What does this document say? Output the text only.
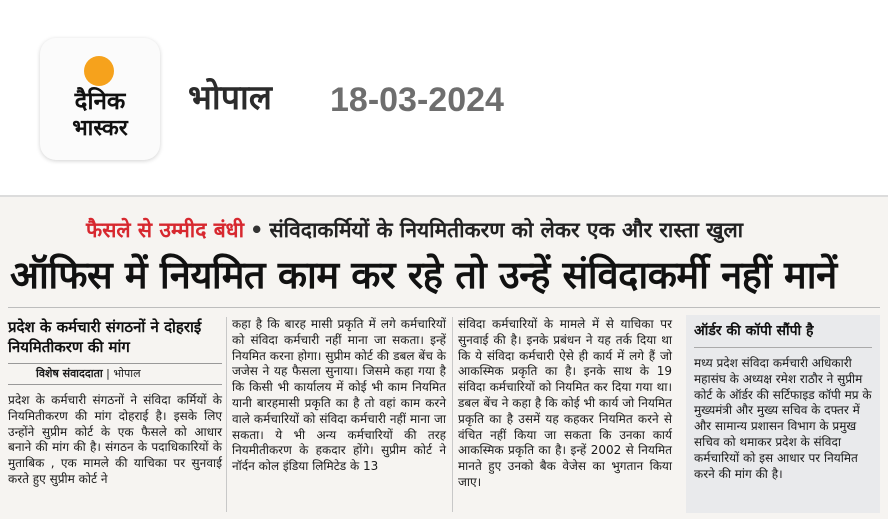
दैनिक
भास्कर
भोपाल 18-03-2024
फैसले से उम्मीद बंधी • संविदाकर्मियों के नियमितीकरण को लेकर एक और रास्ता खुला
ऑफिस में नियमित काम कर रहे तो उन्हें संविदाकर्मी नहीं मानें
प्रदेश के कर्मचारी संगठनों ने दोहराई नियमितीकरण की मांग
विशेष संवाददाता | भोपाल
प्रदेश के कर्मचारी संगठनों ने संविदा कर्मियों के नियमितीकरण की मांग दोहराई है। इसके लिए उन्होंने सुप्रीम कोर्ट के एक फैसले को आधार बनाने की मांग की है। संगठन के पदाधिकारियों के मुताबिक , एक मामले की याचिका पर सुनवाई करते हुए सुप्रीम कोर्ट ने
कहा है कि बारह मासी प्रकृति में लगे कर्मचारियों को संविदा कर्मचारी नहीं माना जा सकता। इन्हें नियमित करना होगा। सुप्रीम कोर्ट की डबल बेंच के जजेस ने यह फैसला सुनाया। जिसमे कहा गया है कि किसी भी कार्यालय में कोई भी काम नियमित यानी बारहमासी प्रकृति का है तो वहां काम करने वाले कर्मचारियों को संविदा कर्मचारी नहीं माना जा सकता। ये भी अन्य कर्मचारियों की तरह नियमीतीकरण के हकदार होंगे। सुप्रीम कोर्ट ने नॉर्दन कोल इंडिया लिमिटेड के 13
संविदा कर्मचारियों के मामले में से याचिका पर सुनवाई की है। इनके प्रबंधन ने यह तर्क दिया था कि ये संविदा कर्मचारी ऐसे ही कार्य में लगे हैं जो आकस्मिक प्रकृति का है। इनके साथ के 19 संविदा कर्मचारियों को नियमित कर दिया गया था। डबल बेंच ने कहा है कि कोई भी कार्य जो नियमित प्रकृति का है उसमें यह कहकर नियमित करने से वंचित नहीं किया जा सकता कि उनका कार्य आकस्मिक प्रकृति का है। इन्हें 2002 से नियमित मानते हुए उनको बैक वेजेस का भुगतान किया जाए।
ऑर्डर की कॉपी सौंपी है
मध्य प्रदेश संविदा कर्मचारी अधिकारी महासंघ के अध्यक्ष रमेश राठौर ने सुप्रीम कोर्ट के ऑर्डर की सर्टिफाइड कॉपी मप्र के मुख्यमंत्री और मुख्य सचिव के दफ्तर में और सामान्य प्रशासन विभाग के प्रमुख सचिव को थमाकर प्रदेश के संविदा कर्मचारियों को इस आधार पर नियमित करने की मांग की है।
